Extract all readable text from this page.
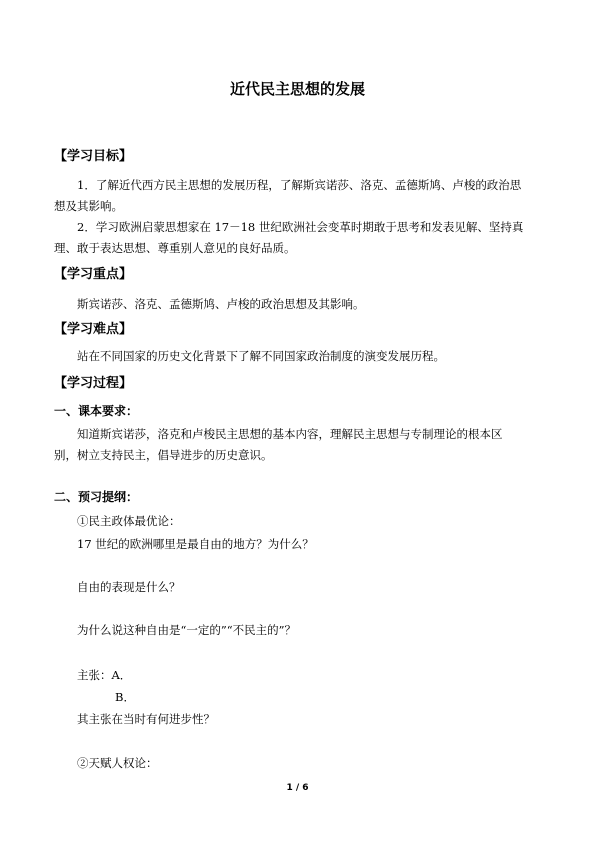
近代民主思想的发展
【学习目标】
1．了解近代西方民主思想的发展历程，了解斯宾诺莎、洛克、孟德斯鸠、卢梭的政治思
想及其影响。
2．学习欧洲启蒙思想家在 17－18 世纪欧洲社会变革时期敢于思考和发表见解、坚持真
理、敢于表达思想、尊重别人意见的良好品质。
【学习重点】
斯宾诺莎、洛克、孟德斯鸠、卢梭的政治思想及其影响。
【学习难点】
站在不同国家的历史文化背景下了解不同国家政治制度的演变发展历程。
【学习过程】
一、课本要求：
知道斯宾诺莎，洛克和卢梭民主思想的基本内容，理解民主思想与专制理论的根本区
别，树立支持民主，倡导进步的历史意识。
二、预习提纲：
①民主政体最优论：
17 世纪的欧洲哪里是最自由的地方？为什么？
自由的表现是什么？
为什么说这种自由是“一定的”“不民主的”？
主张：A．
B．
其主张在当时有何进步性？
②天赋人权论：
1 / 6
